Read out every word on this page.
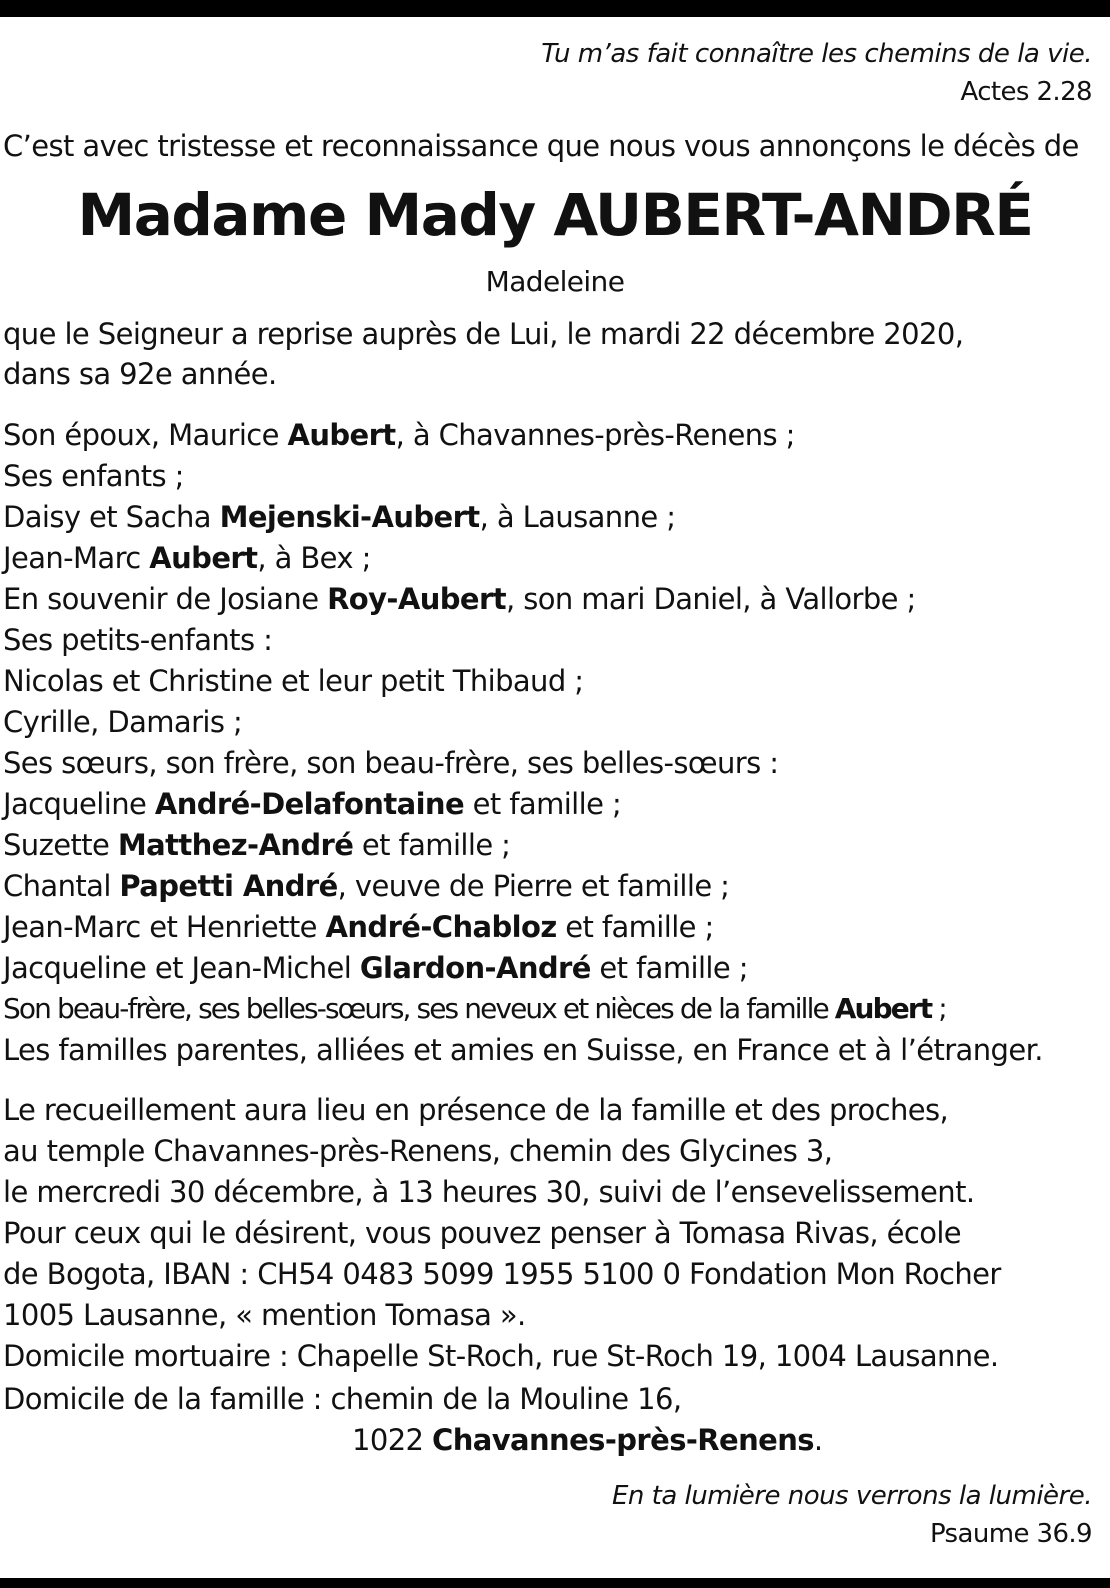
Tu m’as fait connaître les chemins de la vie.
Actes 2.28
C’est avec tristesse et reconnaissance que nous vous annonçons le décès de
Madame Mady AUBERT-ANDRÉ
Madeleine
que le Seigneur a reprise auprès de Lui, le mardi 22 décembre 2020,
dans sa 92e année.
Son époux, Maurice Aubert, à Chavannes-près-Renens ;
Ses enfants ;
Daisy et Sacha Mejenski-Aubert, à Lausanne ;
Jean-Marc Aubert, à Bex ;
En souvenir de Josiane Roy-Aubert, son mari Daniel, à Vallorbe ;
Ses petits-enfants :
Nicolas et Christine et leur petit Thibaud ;
Cyrille, Damaris ;
Ses sœurs, son frère, son beau-frère, ses belles-sœurs :
Jacqueline André-Delafontaine et famille ;
Suzette Matthez-André et famille ;
Chantal Papetti André, veuve de Pierre et famille ;
Jean-Marc et Henriette André-Chabloz et famille ;
Jacqueline et Jean-Michel Glardon-André et famille ;
Son beau-frère, ses belles-sœurs, ses neveux et nièces de la famille Aubert ;
Les familles parentes, alliées et amies en Suisse, en France et à l’étranger.
Le recueillement aura lieu en présence de la famille et des proches,
au temple Chavannes-près-Renens, chemin des Glycines 3,
le mercredi 30 décembre, à 13 heures 30, suivi de l’ensevelissement.
Pour ceux qui le désirent, vous pouvez penser à Tomasa Rivas, école
de Bogota, IBAN : CH54 0483 5099 1955 5100 0 Fondation Mon Rocher
1005 Lausanne, « mention Tomasa ».
Domicile mortuaire : Chapelle St-Roch, rue St-Roch 19, 1004 Lausanne.
Domicile de la famille : chemin de la Mouline 16,
1022 Chavannes-près-Renens.
En ta lumière nous verrons la lumière.
Psaume 36.9
